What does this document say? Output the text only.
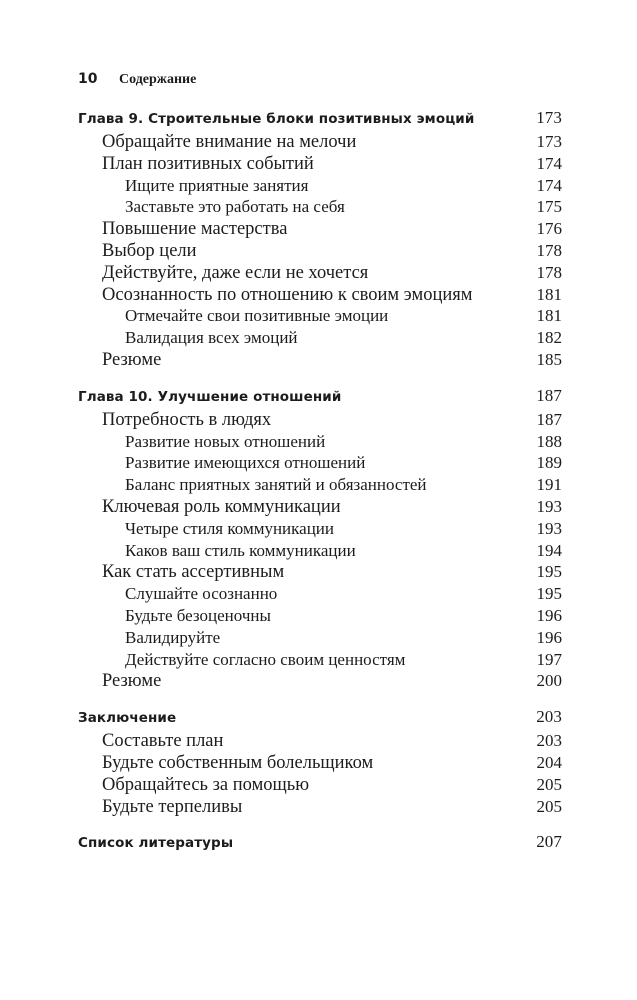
10	Содержание
Глава 9. Строительные блоки позитивных эмоций	173
Обращайте внимание на мелочи	173
План позитивных событий	174
Ищите приятные занятия	174
Заставьте это работать на себя	175
Повышение мастерства	176
Выбор цели	178
Действуйте, даже если не хочется	178
Осознанность по отношению к своим эмоциям	181
Отмечайте свои позитивные эмоции	181
Валидация всех эмоций	182
Резюме	185
Глава 10. Улучшение отношений	187
Потребность в людях	187
Развитие новых отношений	188
Развитие имеющихся отношений	189
Баланс приятных занятий и обязанностей	191
Ключевая роль коммуникации	193
Четыре стиля коммуникации	193
Каков ваш стиль коммуникации	194
Как стать ассертивным	195
Слушайте осознанно	195
Будьте безоценочны	196
Валидируйте	196
Действуйте согласно своим ценностям	197
Резюме	200
Заключение	203
Составьте план	203
Будьте собственным болельщиком	204
Обращайтесь за помощью	205
Будьте терпеливы	205
Список литературы	207
